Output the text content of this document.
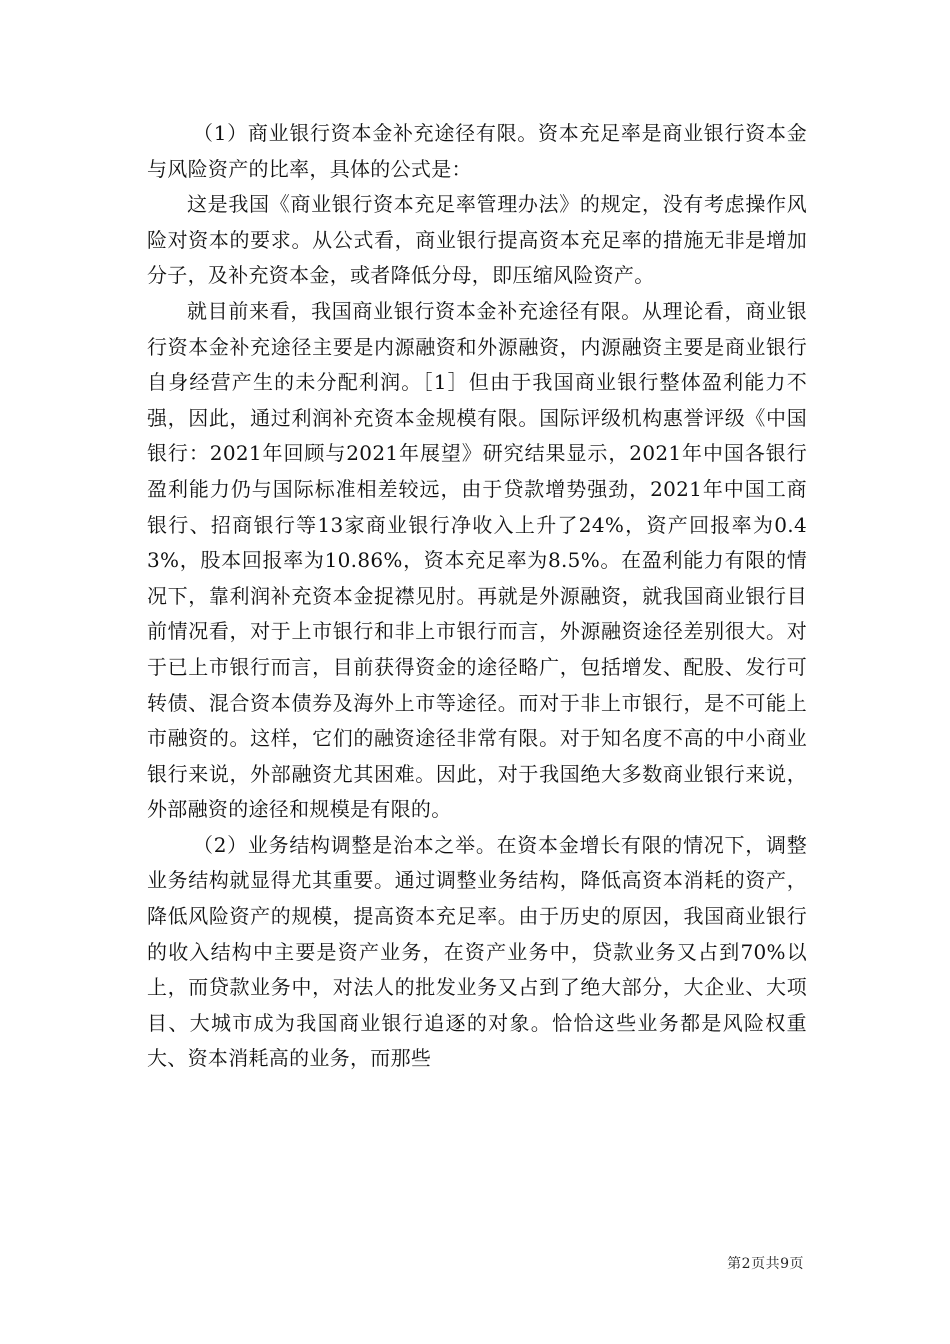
（1）商业银行资本金补充途径有限。资本充足率是商业银行资本金与风险资产的比率，具体的公式是：

这是我国《商业银行资本充足率管理办法》的规定，没有考虑操作风险对资本的要求。从公式看，商业银行提高资本充足率的措施无非是增加分子，及补充资本金，或者降低分母，即压缩风险资产。

就目前来看，我国商业银行资本金补充途径有限。从理论看，商业银行资本金补充途径主要是内源融资和外源融资，内源融资主要是商业银行自身经营产生的未分配利润。［1］但由于我国商业银行整体盈利能力不强，因此，通过利润补充资本金规模有限。国际评级机构惠誉评级《中国银行：2021年回顾与2021年展望》研究结果显示，2021年中国各银行盈利能力仍与国际标准相差较远，由于贷款增势强劲，2021年中国工商银行、招商银行等13家商业银行净收入上升了24%，资产回报率为0.43%，股本回报率为10.86%，资本充足率为8.5%。在盈利能力有限的情况下，靠利润补充资本金捉襟见肘。再就是外源融资，就我国商业银行目前情况看，对于上市银行和非上市银行而言，外源融资途径差别很大。对于已上市银行而言，目前获得资金的途径略广，包括增发、配股、发行可转债、混合资本债券及海外上市等途径。而对于非上市银行，是不可能上市融资的。这样，它们的融资途径非常有限。对于知名度不高的中小商业银行来说，外部融资尤其困难。因此，对于我国绝大多数商业银行来说，外部融资的途径和规模是有限的。

（2）业务结构调整是治本之举。在资本金增长有限的情况下，调整业务结构就显得尤其重要。通过调整业务结构，降低高资本消耗的资产，降低风险资产的规模，提高资本充足率。由于历史的原因，我国商业银行的收入结构中主要是资产业务，在资产业务中，贷款业务又占到70%以上，而贷款业务中，对法人的批发业务又占到了绝大部分，大企业、大项目、大城市成为我国商业银行追逐的对象。恰恰这些业务都是风险权重大、资本消耗高的业务，而那些

第2页共9页
